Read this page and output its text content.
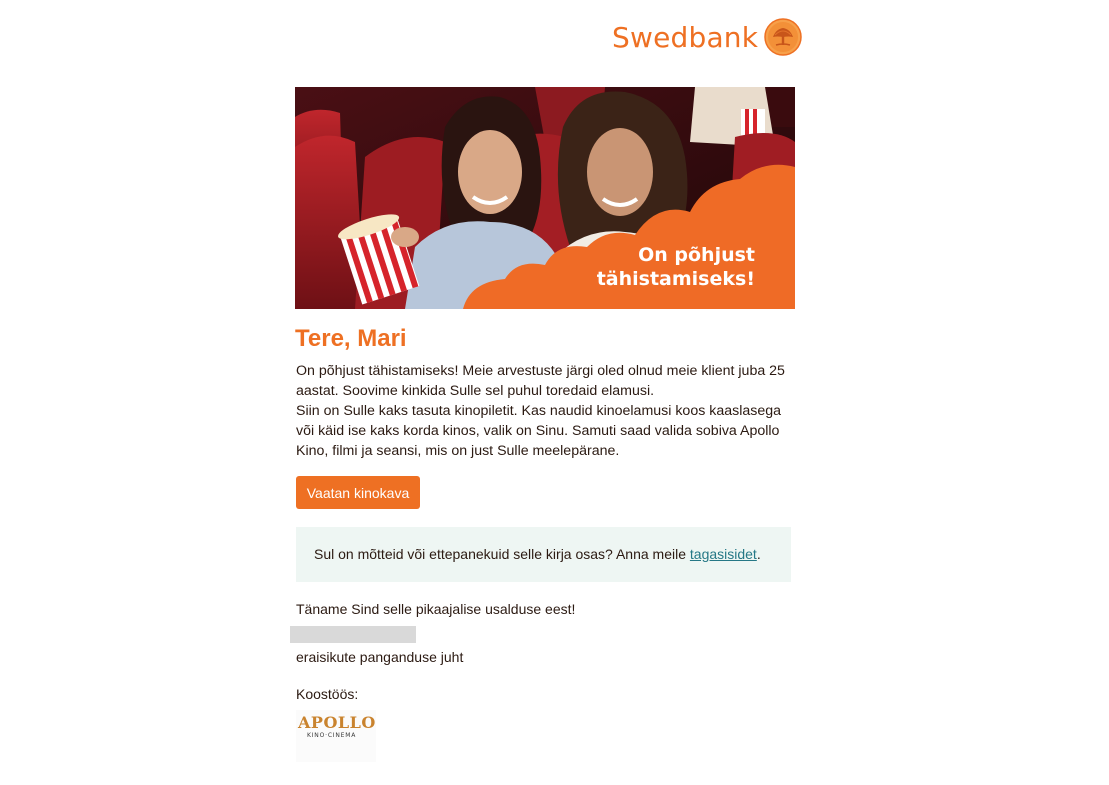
Swedbank
On põhjust
tähistamiseks!
Tere, Mari

On põhjust tähistamiseks! Meie arvestuste järgi oled olnud meie klient juba 25 aastat. Soovime kinkida Sulle sel puhul toredaid elamusi.

Siin on Sulle kaks tasuta kinopiletit. Kas naudid kinoelamusi koos kaaslasega või käid ise kaks korda kinos, valik on Sinu. Samuti saad valida sobiva Apollo Kino, filmi ja seansi, mis on just Sulle meelepärane.

Vaatan kinokava
Sul on mõtteid või ettepanekuid selle kirja osas? Anna meile tagasisidet.
Täname Sind selle pikaajalise usalduse eest!
eraisikute panganduse juht
Koostöös:
APOLLO
KINO·CINEMA
